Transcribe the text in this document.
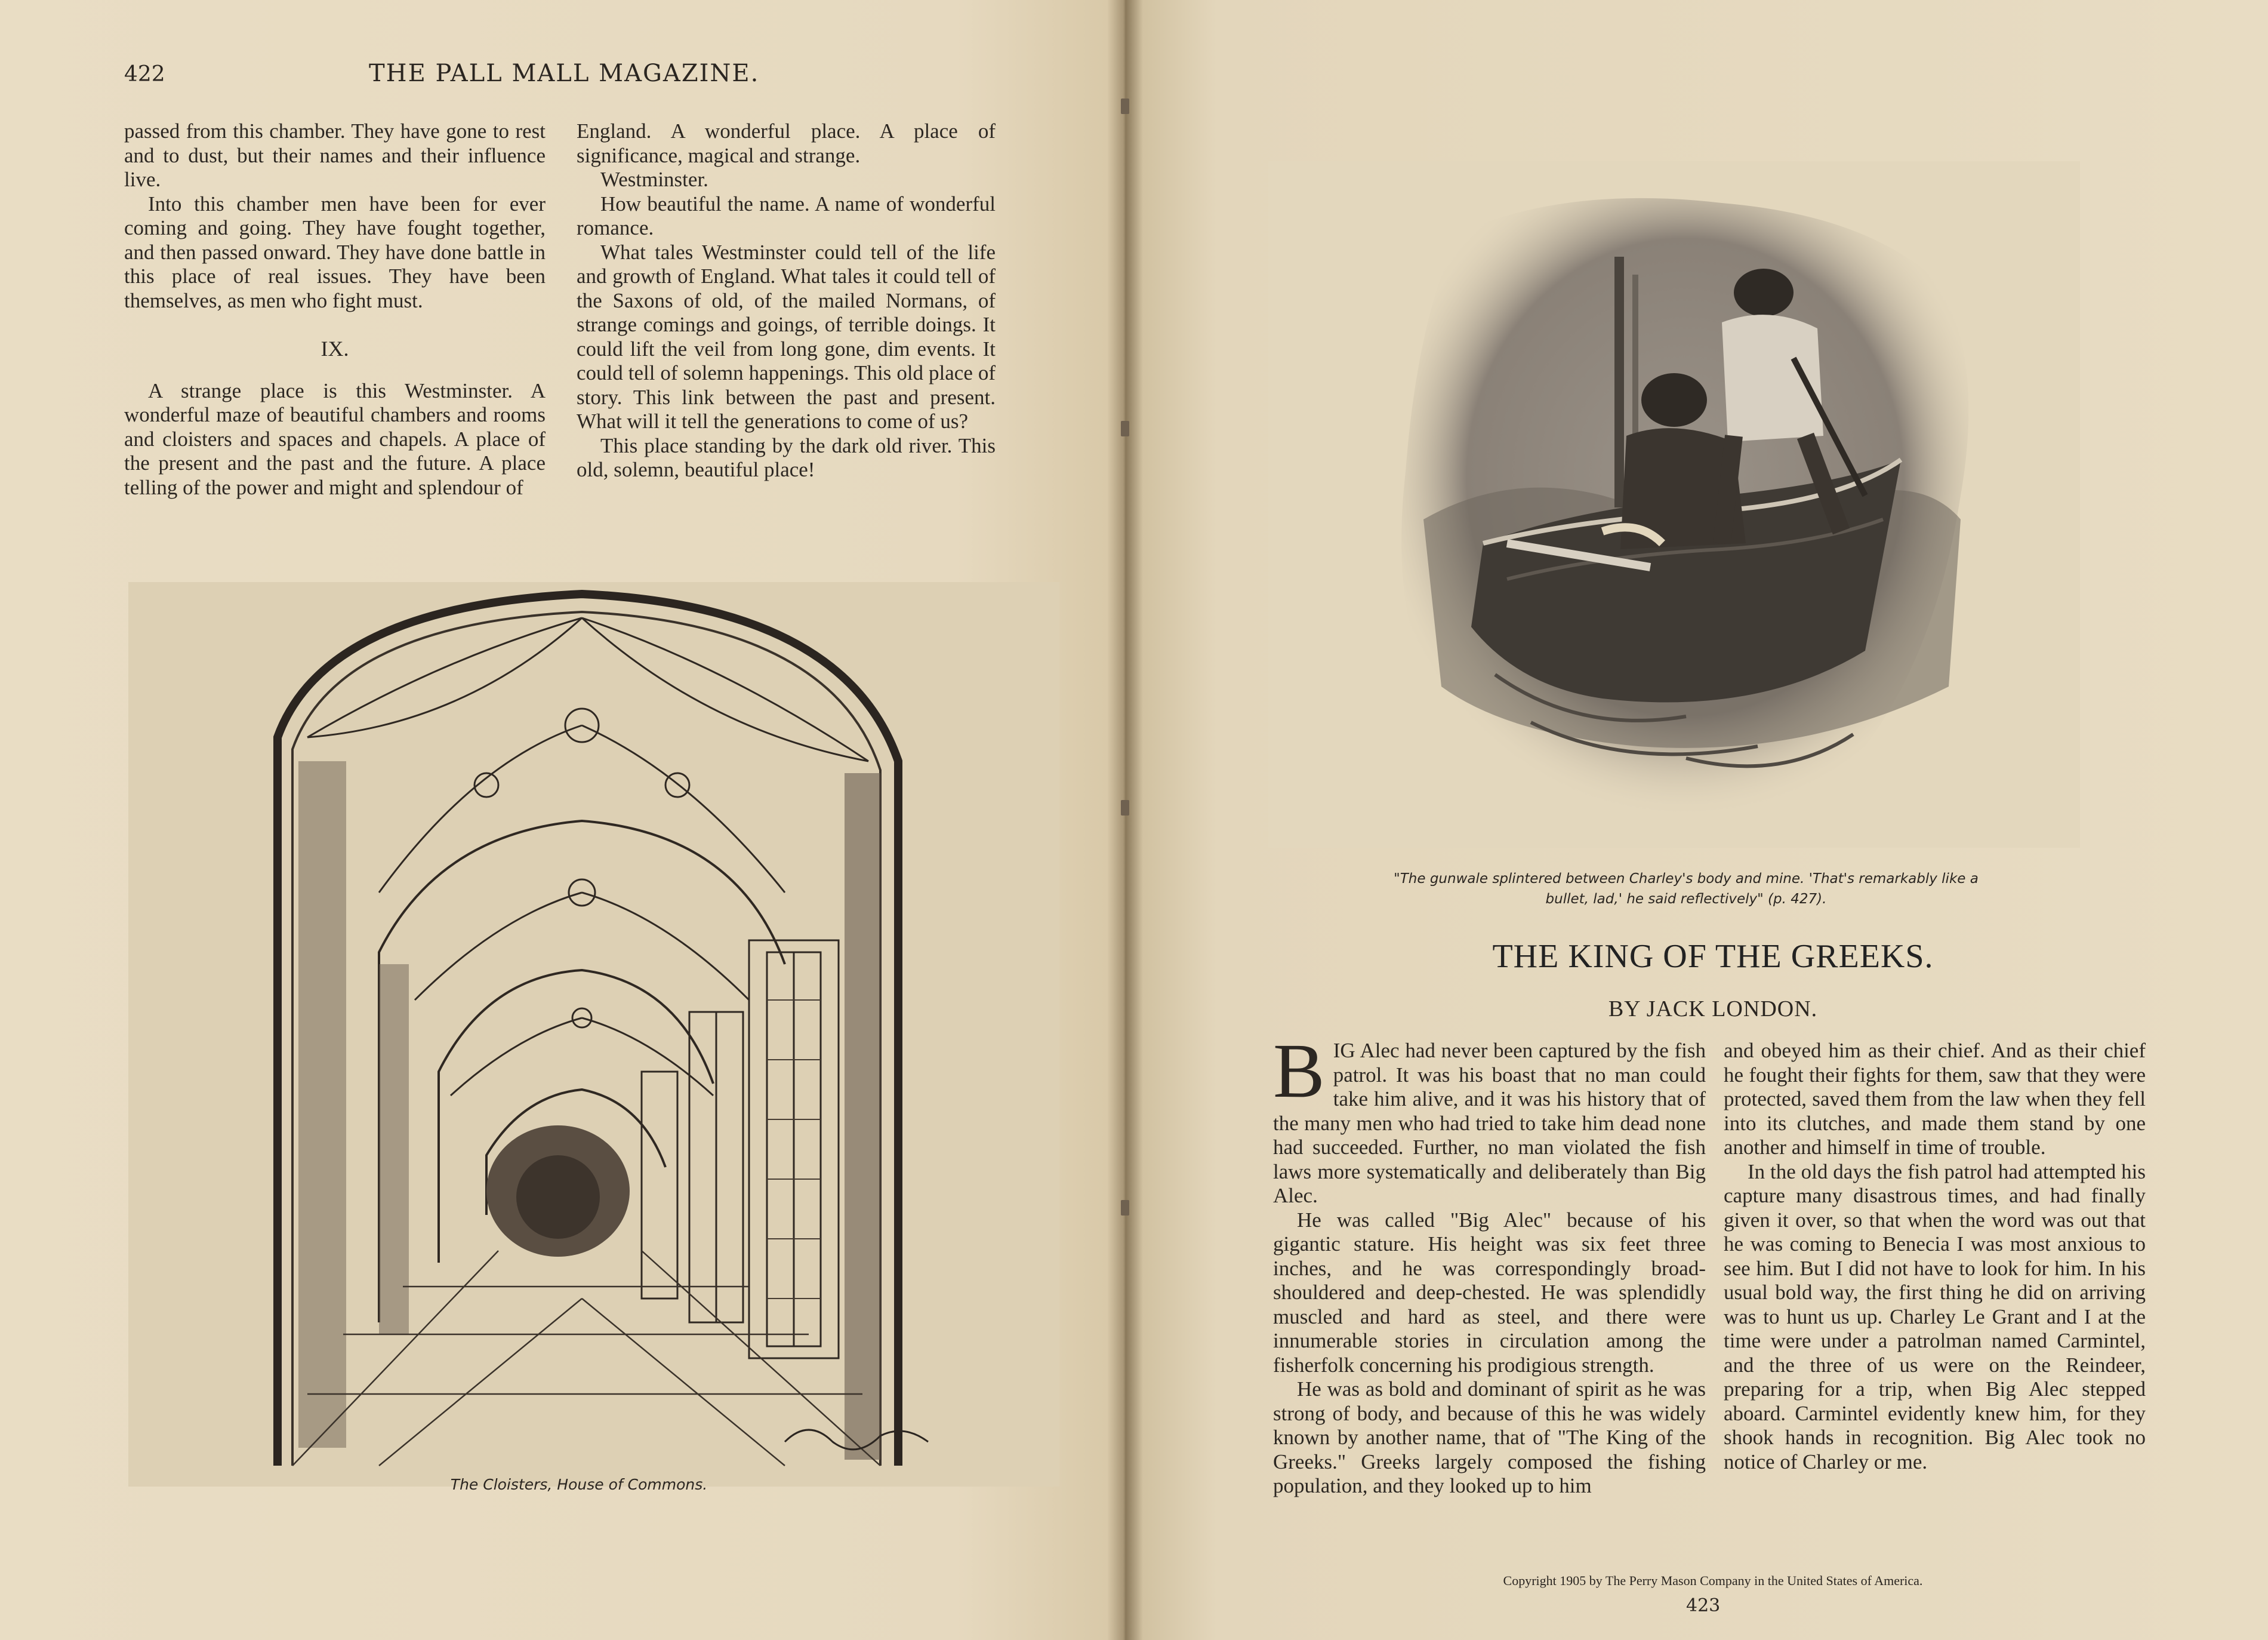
422	THE PALL MALL MAGAZINE.

passed from this chamber. They have gone to rest and to dust, but their names and their influence live.

Into this chamber men have been for ever coming and going. They have fought together, and then passed onward. They have done battle in this place of real issues. They have been themselves, as men who fight must.

IX.

A strange place is this Westminster. A wonderful maze of beautiful chambers and rooms and cloisters and spaces and chapels. A place of the present and the past and the future. A place telling of the power and might and splendour of

England. A wonderful place. A place of significance, magical and strange.

Westminster.

How beautiful the name. A name of wonderful romance.

What tales Westminster could tell of the life and growth of England. What tales it could tell of the Saxons of old, of the mailed Normans, of strange comings and goings, of terrible doings. It could lift the veil from long gone, dim events. It could tell of solemn happenings. This old place of story. This link between the past and present. What will it tell the generations to come of us?

This place standing by the dark old river. This old, solemn, beautiful place!

The Cloisters, House of Commons.
"The gunwale splintered between Charley's body and mine. 'That's remarkably like a bullet, lad,' he said reflectively" (p. 427).
THE KING OF THE GREEKS.
BY JACK LONDON.

BIG Alec had never been captured by the fish patrol. It was his boast that no man could take him alive, and it was his history that of the many men who had tried to take him dead none had succeeded. Further, no man violated the fish laws more systematically and deliberately than Big Alec.

He was called "Big Alec" because of his gigantic stature. His height was six feet three inches, and he was correspondingly broad-shouldered and deep-chested. He was splendidly muscled and hard as steel, and there were innumerable stories in circulation among the fisherfolk concerning his prodigious strength.

He was as bold and dominant of spirit as he was strong of body, and because of this he was widely known by another name, that of "The King of the Greeks." Greeks largely composed the fishing population, and they looked up to him

and obeyed him as their chief. And as their chief he fought their fights for them, saw that they were protected, saved them from the law when they fell into its clutches, and made them stand by one another and himself in time of trouble.

In the old days the fish patrol had attempted his capture many disastrous times, and had finally given it over, so that when the word was out that he was coming to Benecia I was most anxious to see him. But I did not have to look for him. In his usual bold way, the first thing he did on arriving was to hunt us up. Charley Le Grant and I at the time were under a patrolman named Carmintel, and the three of us were on the Reindeer, preparing for a trip, when Big Alec stepped aboard. Carmintel evidently knew him, for they shook hands in recognition. Big Alec took no notice of Charley or me.

Copyright 1905 by The Perry Mason Company in the United States of America.
423
